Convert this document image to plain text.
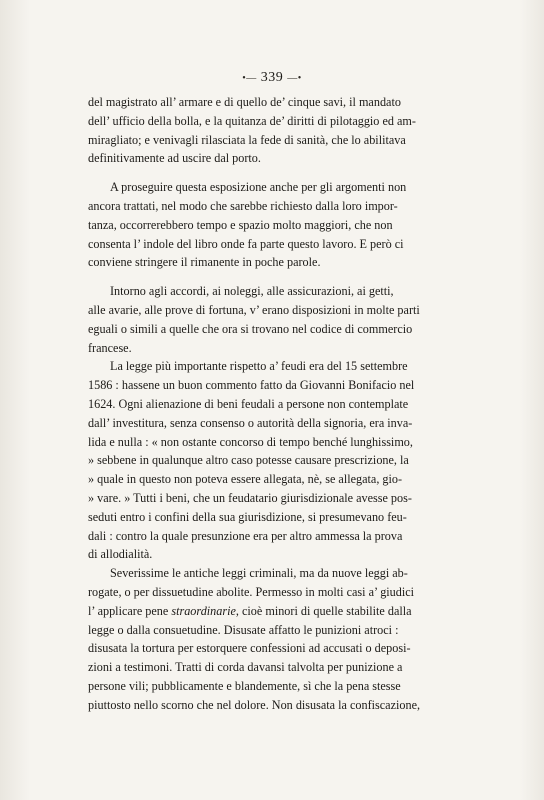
•— 339 —•
del magistrato all’ armare e di quello de’ cinque savi, il mandato
dell’ ufficio della bolla, e la quitanza de’ diritti di pilotaggio ed am-
miragliato; e venivagli rilasciata la fede di sanità, che lo abilitava
definitivamente ad uscire dal porto.
A proseguire questa esposizione anche per gli argomenti non
ancora trattati, nel modo che sarebbe richiesto dalla loro impor-
tanza, occorrerebbero tempo e spazio molto maggiori, che non
consenta l’ indole del libro onde fa parte questo lavoro. E però ci
conviene stringere il rimanente in poche parole.
Intorno agli accordi, ai noleggi, alle assicurazioni, ai getti,
alle avarie, alle prove di fortuna, v’ erano disposizioni in molte parti
eguali o simili a quelle che ora si trovano nel codice di commercio
francese.
La legge più importante rispetto a’ feudi era del 15 settembre
1586 : hassene un buon commento fatto da Giovanni Bonifacio nel
1624. Ogni alienazione di beni feudali a persone non contemplate
dall’ investitura, senza consenso o autorità della signoria, era inva-
lida e nulla : « non ostante concorso di tempo benché lunghissimo,
» sebbene in qualunque altro caso potesse causare prescrizione, la
» quale in questo non poteva essere allegata, nè, se allegata, gio-
» vare. » Tutti i beni, che un feudatario giurisdizionale avesse pos-
seduti entro i confini della sua giurisdizione, si presumevano feu-
dali : contro la quale presunzione era per altro ammessa la prova
di allodialità.
Severissime le antiche leggi criminali, ma da nuove leggi ab-
rogate, o per dissuetudine abolite. Permesso in molti casi a’ giudici
l’ applicare pene straordinarie, cioè minori di quelle stabilite dalla
legge o dalla consuetudine. Disusate affatto le punizioni atroci :
disusata la tortura per estorquere confessioni ad accusati o deposi-
zioni a testimoni. Tratti di corda davansi talvolta per punizione a
persone vili; pubblicamente e blandemente, sì che la pena stesse
piuttosto nello scorno che nel dolore. Non disusata la confiscazione,
